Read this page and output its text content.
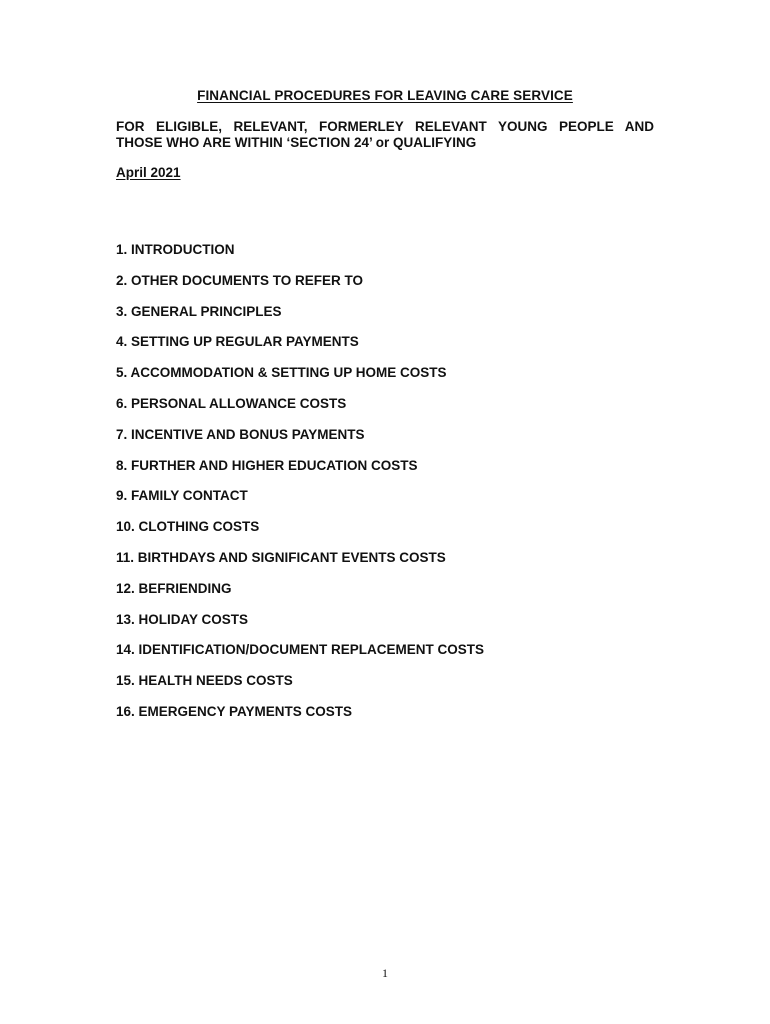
FINANCIAL PROCEDURES FOR LEAVING CARE SERVICE
FOR ELIGIBLE, RELEVANT, FORMERLEY RELEVANT YOUNG PEOPLE AND
THOSE WHO ARE WITHIN ‘SECTION 24’ or QUALIFYING
April 2021
1. INTRODUCTION
2. OTHER DOCUMENTS TO REFER TO
3. GENERAL PRINCIPLES
4. SETTING UP REGULAR PAYMENTS
5. ACCOMMODATION & SETTING UP HOME COSTS
6. PERSONAL ALLOWANCE COSTS
7. INCENTIVE AND BONUS PAYMENTS
8. FURTHER AND HIGHER EDUCATION COSTS
9. FAMILY CONTACT
10. CLOTHING COSTS
11. BIRTHDAYS AND SIGNIFICANT EVENTS COSTS
12. BEFRIENDING
13. HOLIDAY COSTS
14. IDENTIFICATION/DOCUMENT REPLACEMENT COSTS
15. HEALTH NEEDS COSTS
16. EMERGENCY PAYMENTS COSTS
1
